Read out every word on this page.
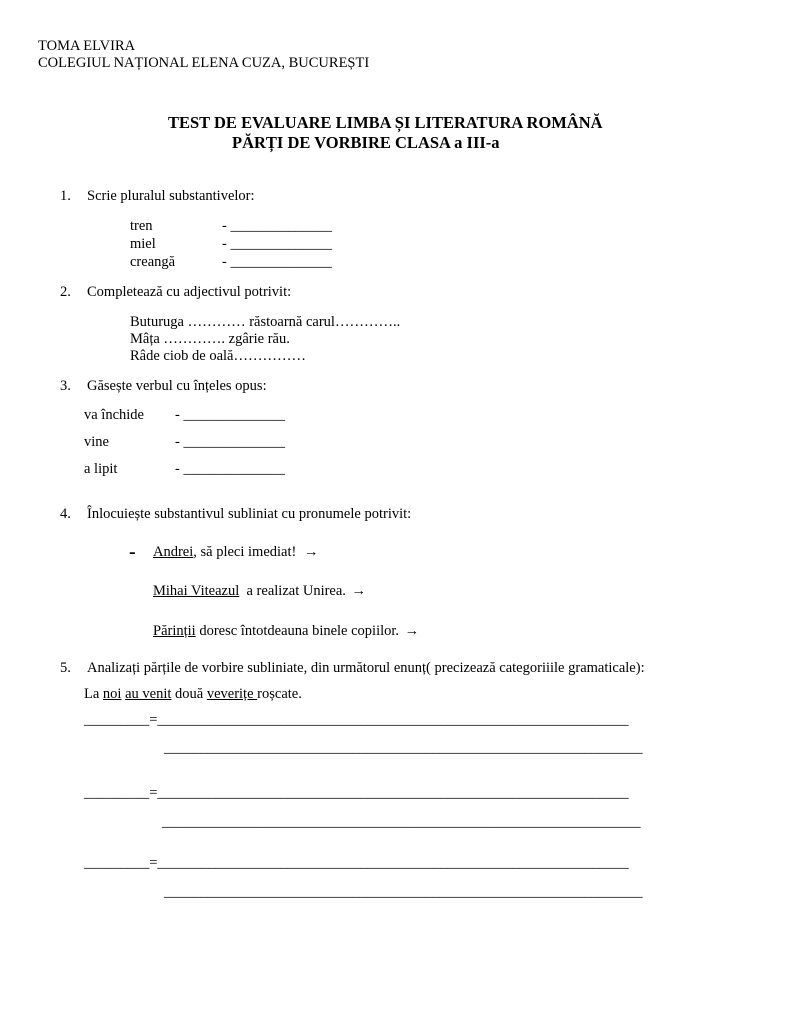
TOMA ELVIRA
COLEGIUL NAȚIONAL ELENA CUZA, BUCUREȘTI
TEST DE EVALUARE LIMBA ȘI LITERATURA ROMÂNĂ
PĂRȚI DE VORBIRE CLASA a III-a
1. Scrie pluralul substantivelor:
tren	- ______________
miel	- ______________
creangă	- ______________
2. Completează cu adjectivul potrivit:
Buturuga ………… răstoarnă carul…………..
Mâța …………. zgârie rău.
Râde ciob de oală……………
3. Găsește verbul cu înțeles opus:
va închide - ______________
vine	- ______________
a lipit	- ______________
4. Înlocuiește substantivul subliniat cu pronumele potrivit:
- Andrei, să pleci imediat! →
Mihai Viteazul  a realizat Unirea. →
Părinții doresc întotdeauna binele copiilor. →
5. Analizați părțile de vorbire subliniate, din următorul enunț( precizează categoriiile gramaticale):
La noi au venit două veverițe roșcate.
_________=_________________________________________________________________
__________________________________________________________________
_________=_________________________________________________________________
__________________________________________________________________
_________=_________________________________________________________________
__________________________________________________________________
